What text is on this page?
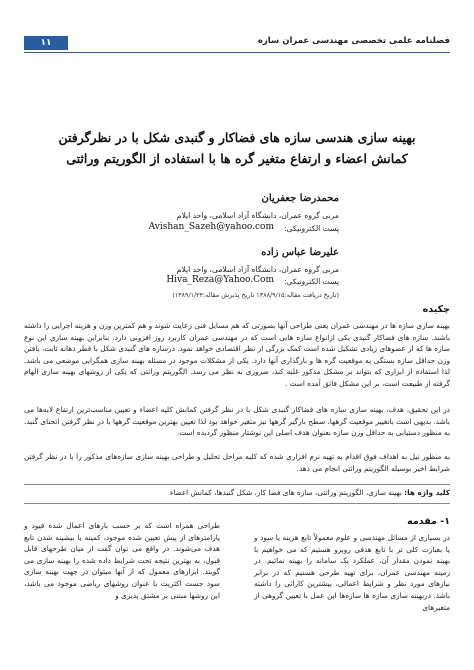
۱۱	فصلنامه علمی تخصصی مهندسی عمران سازه
بهینه سازی هندسی سازه های فضاکار و گنبدی شکل با در نظرگرفتن
کمانش اعضاء و ارتفاع متغیر گره ها با استفاده از الگوریتم وراثتی
محمدرضا جعفریان
مربی گروه عمران، دانشگاه آزاد اسلامی، واحد ایلام
پست الکترونیکی:
Avishan_Sazeh@yahoo.com
علیرضا عباس زاده
مربی گروه عمران، دانشگاه آزاد اسلامی، واحد ایلام
پست الکترونیکی:
Hiva_Reza@Yahoo.Com
(تاریخ دریافت مقاله:۱۳۸۸/۹/۱۵ تاریخ پذیرش مقاله:۱۳۸۹/۱/۲۴)
چکیده
بهینه سازی سازه ها در مهندسی عمران یعنی طراحی آنها بصورتی که هم مسایل فنی رعایت شوند و هم کمترین وزن و هزینه اجرایی را داشته باشند. سازه های فضاکار گنبدی یکی ازانواع سازه هایی است که در مهندسی عمران کاربرد روز افزونی دارد. بنابراین بهینه سازی این نوع سازه ها که از عضوهای زیادی تشکیل شده است کمک بزرگی از نظر اقتصادی خواهد نمود. درسازه های گنبدی شکل با قطر دهانه ثابت، یافتن وزن حداقل سازه بستگی به موقعیت گره ها و بارگذاری آنها دارد. یکی از مشکلات موجود در مسئله بهینه سازی همگرایی موضعی می باشد. لذا استفاده از ابزاری که بتواند بر مشکل مذکور غلبه کند، ضروری به نظر می رسد. الگوریتم وراثتی که یکی از روشهای بهینه سازی الهام گرفته از طبیعت است، بر این مشکل فائق آمده است .
در این تحقیق، هدف، بهینه سازی سازه های فضاکار گنبدی شکل با در نظر گرفتن کمانش کلیه اعضاء و تعیین مناسب‌ترین ارتفاع لایه‌ها می باشد. بدیهی است باتغییر موقعیت گرهها، سطح بارگیر گرهها نیز متغیر خواهد بود لذا تعیین بهترین موقعیت گرهها با در نظر گرفتن اتحنای گنبد، به منظور دستیابی به حداقل وزن سازه بعنوان هدف اصلی این نوشتار منظور گردیده است.
به منظور نیل به اهداف فوق اقدام به تهیه نرم افزاری شده که کلیه مراحل تحلیل و طراحی بهینه سازی سازه‌های مذکور را با در نظر گرفتن شرایط اخیر بوسیله الگوریتم وراثتی انجام می دهد.
کلید واژه ها: بهینه سازی، الگوریتم وراثتی، سازه های فضا کار، شکل گنبدها، کمانش اعضاء
۱- مقدمه
در بسیاری از مسائل مهندسی و علوم معمولاً تابع هزینه یا سود و یا بعبارت کلی تر با تابع هدفی روبرو هستیم که می خواهیم با بهینه نمودن مقدار آن، عملکرد یک سامانه را بهینه نمائیم. در زمینه مهندسی عمران، برای تهیه طرحی هستیم که در برابر نیازهای مورد نظر و شرایط اعمالی، بیشترین کارائی را داشته باشد. دربهینه سازی سازه ها سازه‌ها این عمل با تعیین گروهی از متغیرهای
طراحی همراه است که بر حسب بارهای اعمال شده قیود و پارامترهای از پیش تعیین شده موجود، کمینه یا بیشینه شدن تابع هدف می‌شوند. در واقع می توان گفت از میان طرحهای قابل قبول، به بهترین نتیجه تحت شرایط داده شده را بهینه سازی می گویند. ابزارهای معمول که از آنها میتوان در جهت بهینه سازی سود جست اکثریت با عنوان روشهای ریاضی موجود می باشد، این روشها مبتنی بر مشتق پذیری و
